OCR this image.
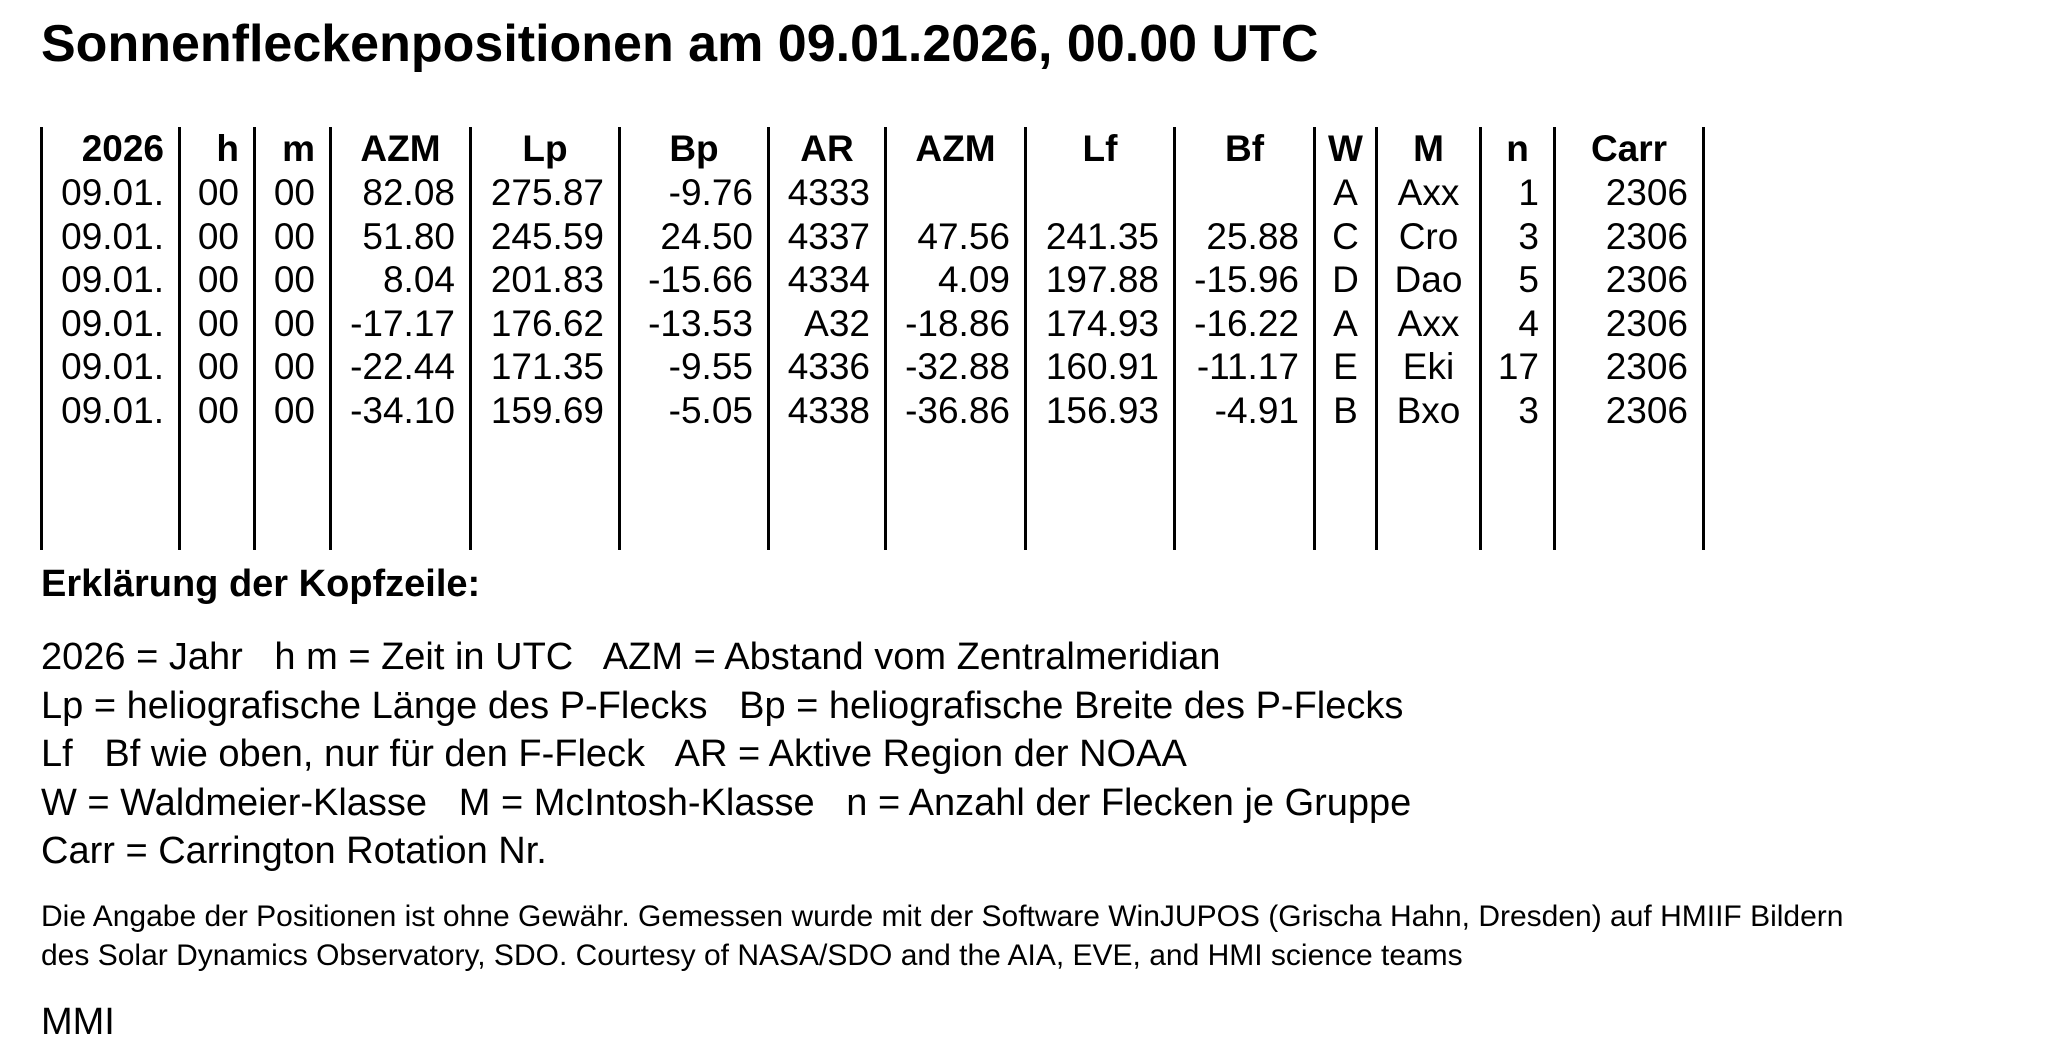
Sonnenfleckenpositionen am 09.01.2026, 00.00 UTC
2026	h	m	AZM	Lp	Bp	AR	AZM	Lf	Bf	W	M	n	Carr
09.01.	00	00	82.08	275.87	-9.76	4333				A	Axx	1	2306
09.01.	00	00	51.80	245.59	24.50	4337	47.56	241.35	25.88	C	Cro	3	2306
09.01.	00	00	8.04	201.83	-15.66	4334	4.09	197.88	-15.96	D	Dao	5	2306
09.01.	00	00	-17.17	176.62	-13.53	A32	-18.86	174.93	-16.22	A	Axx	4	2306
09.01.	00	00	-22.44	171.35	-9.55	4336	-32.88	160.91	-11.17	E	Eki	17	2306
09.01.	00	00	-34.10	159.69	-5.05	4338	-36.86	156.93	-4.91	B	Bxo	3	2306

Erklärung der Kopfzeile:
2026 = Jahr   h m = Zeit in UTC   AZM = Abstand vom Zentralmeridian
Lp = heliografische Länge des P-Flecks   Bp = heliografische Breite des P-Flecks
Lf   Bf wie oben, nur für den F-Fleck   AR = Aktive Region der NOAA
W = Waldmeier-Klasse   M = McIntosh-Klasse   n = Anzahl der Flecken je Gruppe
Carr = Carrington Rotation Nr.
Die Angabe der Positionen ist ohne Gewähr. Gemessen wurde mit der Software WinJUPOS (Grischa Hahn, Dresden) auf HMIIF Bildern
des Solar Dynamics Observatory, SDO. Courtesy of NASA/SDO and the AIA, EVE, and HMI science teams
MMI
